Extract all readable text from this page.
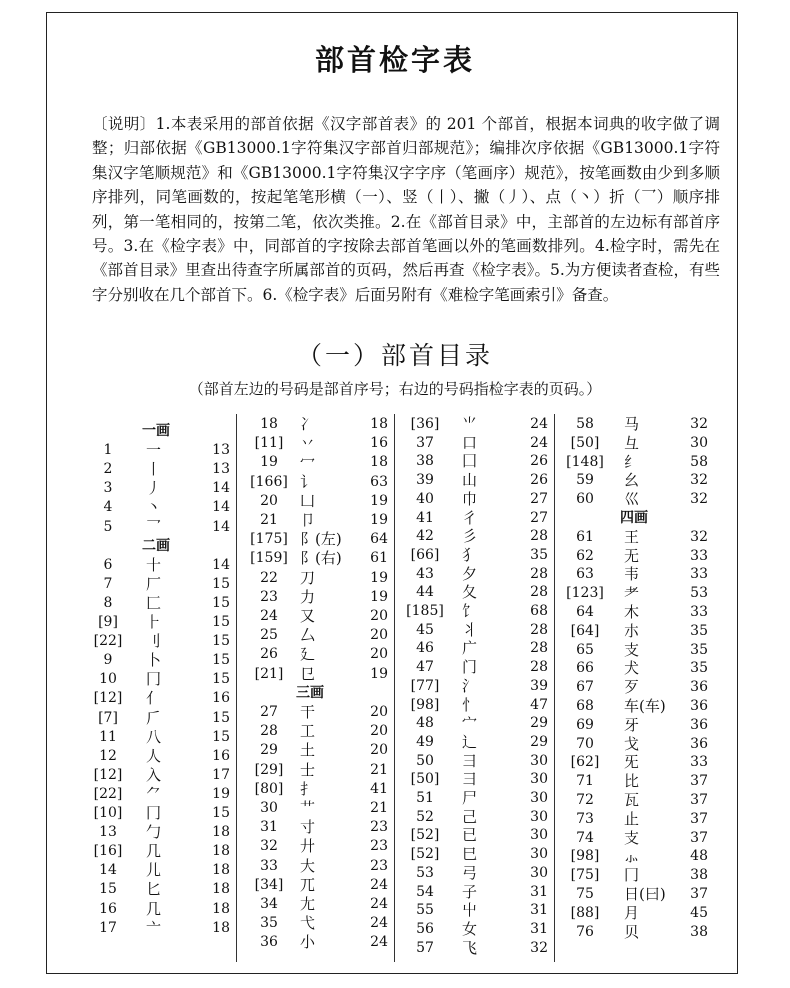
部首检字表
〔说明〕1.本表采用的部首依据《汉字部首表》的 201 个部首，根据本词典的收字做了调整；归部依据《GB13000.1字符集汉字部首归部规范》；编排次序依据《GB13000.1字符集汉字笔顺规范》和《GB13000.1字符集汉字字序（笔画序）规范》，按笔画数由少到多顺序排列，同笔画数的，按起笔笔形横（一）、竖（丨）、撇（丿）、点（丶）折（乛）顺序排列，第一笔相同的，按第二笔，依次类推。2.在《部首目录》中，主部首的左边标有部首序号。3.在《检字表》中，同部首的字按除去部首笔画以外的笔画数排列。4.检字时，需先在《部首目录》里查出待查字所属部首的页码，然后再查《检字表》。5.为方便读者查检，有些字分别收在几个部首下。6.《检字表》后面另附有《难检字笔画索引》备查。
（一）部首目录
（部首左边的号码是部首序号；右边的号码指检字表的页码。）
一画
1	一	13
2	丨	13
3	丿	14
4	丶	14
5	乛	14
二画
6	十	14
7	厂	15
8	匚	15
[9]	⺊	15
[22] 刂	15
9	卜	15
10	冂	15
[12] 亻	16
[7]	𠂆	15
11	八	15
12	人	16
[12] 入	17
[22] ⺈	19
[10] 冂	15
13	勹	18
[16] 几	18
14	儿	18
15	匕	18
16	几	18
17	亠	18
18	冫	18
[11]	丷	16
19	冖	18
[166] 讠	63
20	凵	19
21	卩	19
[175] 阝(左)	64
[159] 阝(右)	61
22	刀	19
23	力	19
24	又	20
25	厶	20
26	廴	20
[21]	㔾	19
三画
27	干	20
28	工	20
29	土	20
[29]	士	21
[80]	扌	41
30	艹	21
31	寸	23
32	廾	23
33	大	23
[34]	兀	24
34	尢	24
35	弋	24
36	小	24
[36]	⺌	24
37	口	24
38	囗	26
39	山	26
40	巾	27
41	彳	27
42	彡	28
[66]	犭	35
43	夕	28
44	夂	28
[185] 饣	68
45	丬	28
46	广	28
47	门	28
[77]	氵	39
[98]	忄	47
48	宀	29
49	辶	29
50	彐	30
[50]	彐	30
51	尸	30
52	己	30
[52]	已	30
[52]	巳	30
53	弓	30
54	子	31
55	屮	31
56	女	31
57	飞	32
58	马	32
[50]	彑	30
[148] 纟	58
59	幺	32
60	巛	32
四画
61	王	32
62	无	33
63	韦	33
[123] 耂	53
64	木	33
[64]	朩	35
65	支	35
66	犬	35
67	歹	36
68	车(车)	36
69	牙	36
70	戈	36
[62]	旡	33
71	比	37
72	瓦	37
73	止	37
74	支	37
[98]	⺗	48
[75]	冂	38
75	日(曰)	37
[88]	月	45
76	贝	38
